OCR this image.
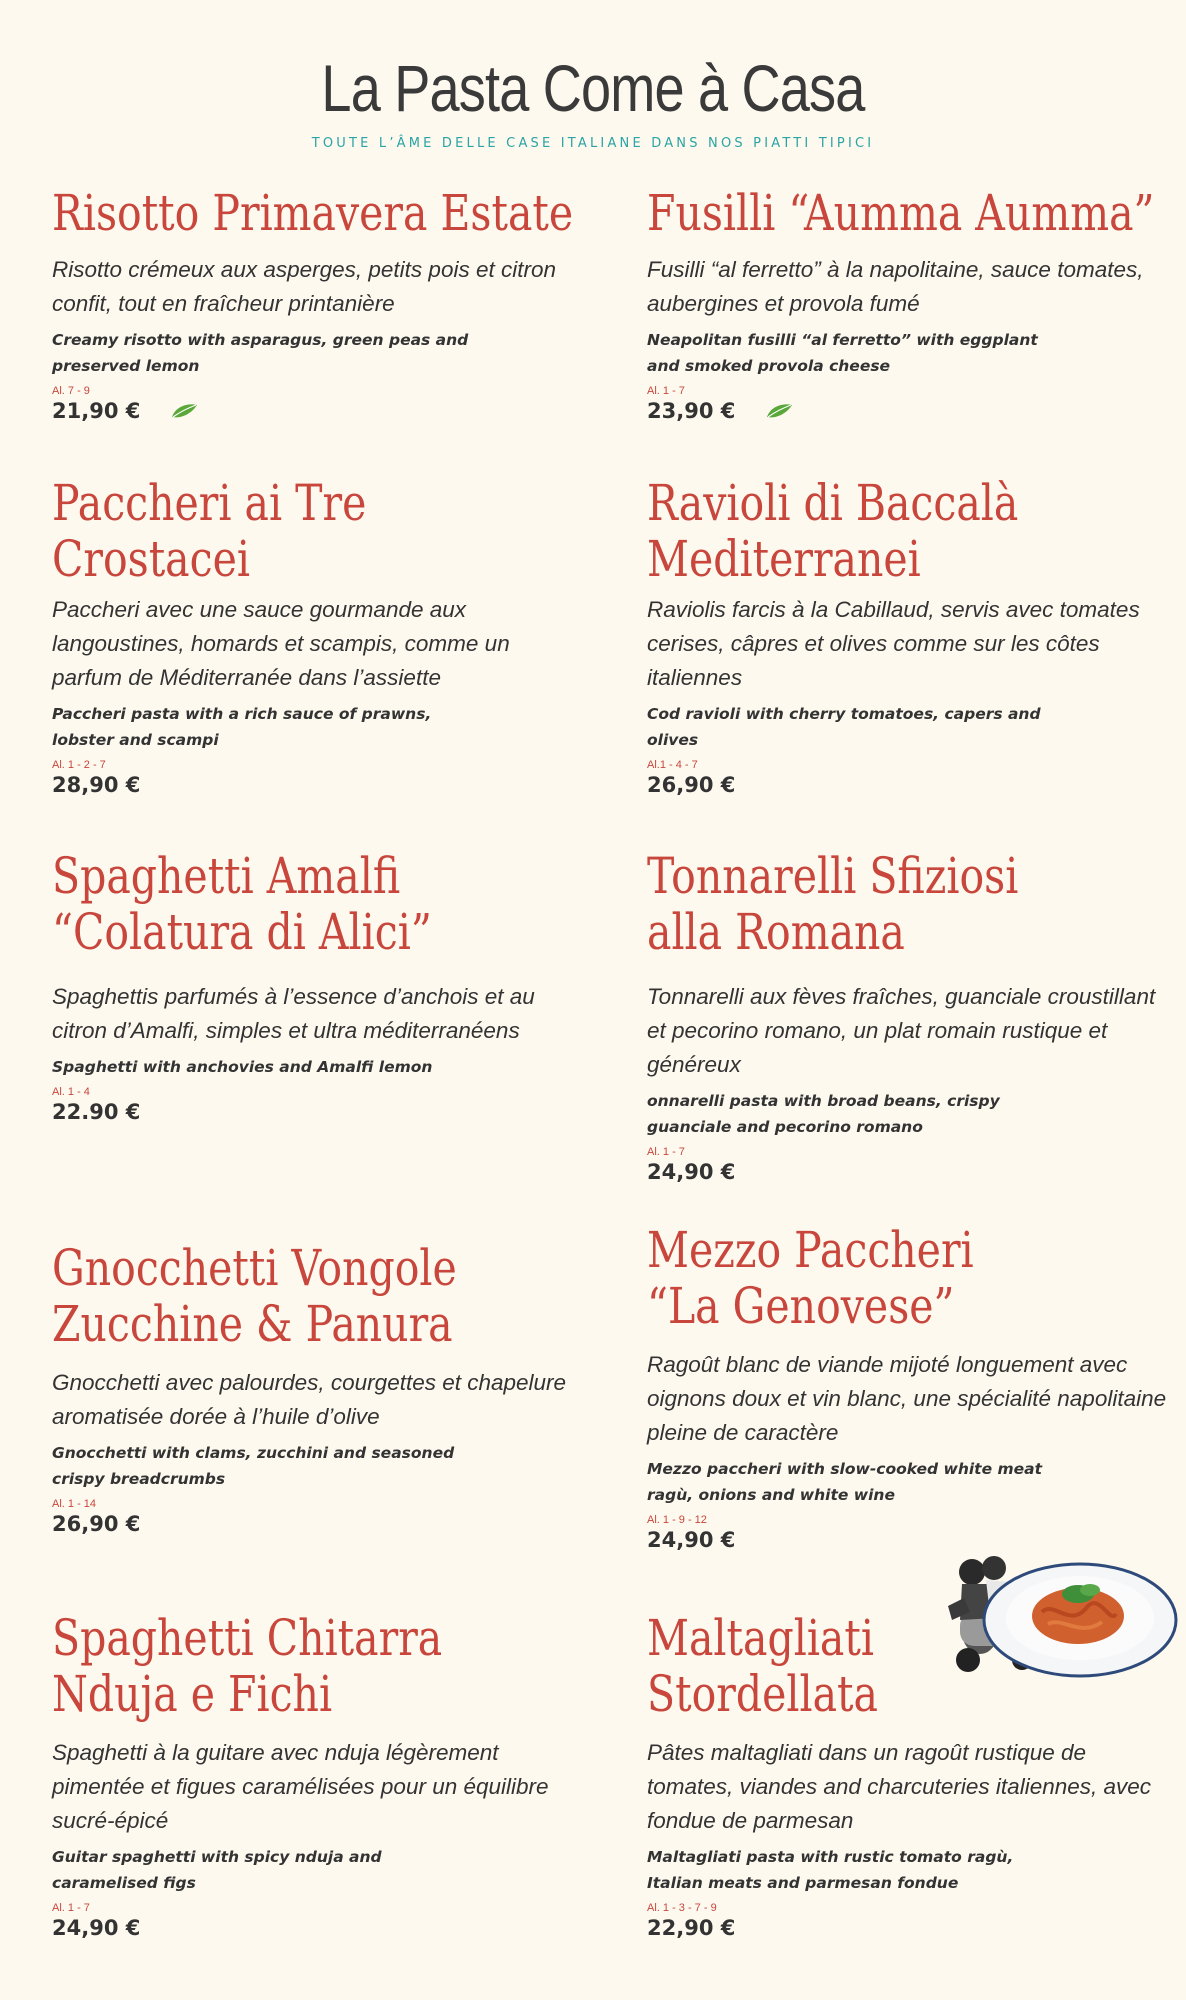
La Pasta Come à Casa
TOUTE L’ÂME DELLE CASE ITALIANE DANS NOS PIATTI TIPICI
Risotto Primavera Estate
Risotto crémeux aux asperges, petits pois et citron confit, tout en fraîcheur printanière
Creamy risotto with asparagus, green peas and preserved lemon
Al. 7 - 9
21,90 €
Fusilli “Aumma Aumma”
Fusilli “al ferretto” à la napolitaine, sauce tomates, aubergines et provola fumé
Neapolitan fusilli “al ferretto” with eggplant and smoked provola cheese
Al. 1 - 7
23,90 €
Paccheri ai Tre
Crostacei
Paccheri avec une sauce gourmande aux langoustines, homards et scampis, comme un parfum de Méditerranée dans l’assiette
Paccheri pasta with a rich sauce of prawns, lobster and scampi
Al. 1 - 2 - 7
28,90 €
Ravioli di Baccalà
Mediterranei
Raviolis farcis à la Cabillaud, servis avec tomates cerises, câpres et olives comme sur les côtes italiennes
Cod ravioli with cherry tomatoes, capers and olives
Al.1 - 4 - 7
26,90 €
Spaghetti Amalfi
“Colatura di Alici”
Spaghettis parfumés à l’essence d’anchois et au citron d’Amalfi, simples et ultra méditerranéens
Spaghetti with anchovies and Amalfi lemon
Al. 1 - 4
22.90 €
Tonnarelli Sfiziosi
alla Romana
Tonnarelli aux fèves fraîches, guanciale croustillant et pecorino romano, un plat romain rustique et généreux
onnarelli pasta with broad beans, crispy guanciale and pecorino romano
Al. 1 - 7
24,90 €
Gnocchetti Vongole
Zucchine & Panura
Gnocchetti avec palourdes, courgettes et chapelure aromatisée dorée à l’huile d’olive
Gnocchetti with clams, zucchini and seasoned crispy breadcrumbs
Al. 1 - 14
26,90 €
Mezzo Paccheri
“La Genovese”
Ragoût blanc de viande mijoté longuement avec oignons doux et vin blanc, une spécialité napolitaine pleine de caractère
Mezzo paccheri with slow-cooked white meat ragù, onions and white wine
Al. 1 - 9 - 12
24,90 €
Spaghetti Chitarra
Nduja e Fichi
Spaghetti à la guitare avec nduja légèrement pimentée et figues caramélisées pour un équilibre sucré-épicé
Guitar spaghetti with spicy nduja and caramelised figs
Al. 1 - 7
24,90 €
Maltagliati
Stordellata
Pâtes maltagliati dans un ragoût rustique de tomates, viandes and charcuteries italiennes, avec fondue de parmesan
Maltagliati pasta with rustic tomato ragù, Italian meats and parmesan fondue
Al. 1 - 3 - 7 - 9
22,90 €
